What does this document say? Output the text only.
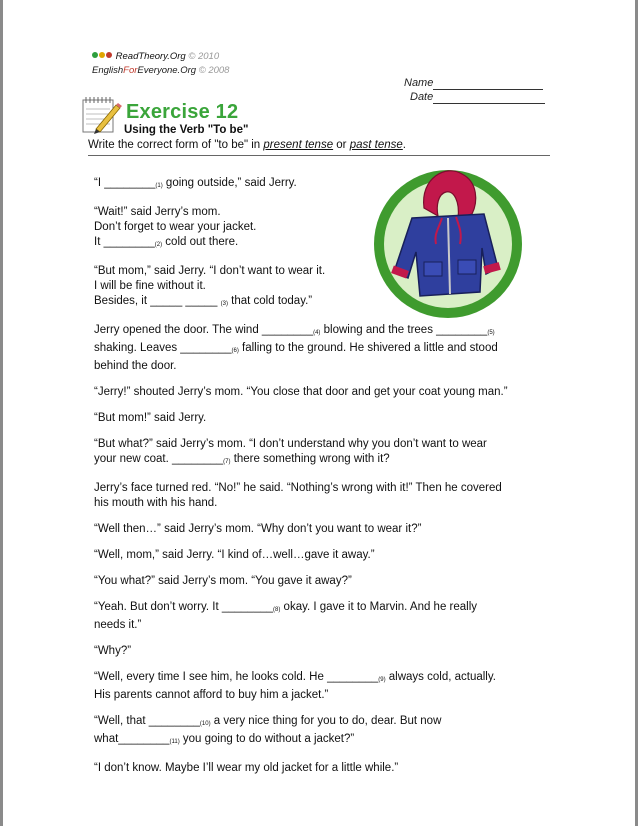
ReadTheory.Org © 2010
EnglishForEveryone.Org © 2008
Name
Date
Exercise 12
Using the Verb "To be"
Write the correct form of "to be" in present tense or past tense.

“I ________(1) going outside,” said Jerry.

“Wait!” said Jerry’s mom.
Don’t forget to wear your jacket.
It ________(2) cold out there.

“But mom,” said Jerry. “I don’t want to wear it.
I will be fine without it.
Besides, it _____ _____ (3) that cold today.”

Jerry opened the door. The wind ________(4) blowing and the trees ________(5)
shaking. Leaves ________(6) falling to the ground. He shivered a little and stood
behind the door.

“Jerry!” shouted Jerry’s mom. “You close that door and get your coat young man.”

“But mom!” said Jerry.

“But what?” said Jerry’s mom. “I don’t understand why you don’t want to wear
your new coat. ________(7) there something wrong with it?

Jerry’s face turned red. “No!” he said. “Nothing’s wrong with it!” Then he covered
his mouth with his hand.

“Well then…” said Jerry’s mom. “Why don’t you want to wear it?”

“Well, mom,” said Jerry. “I kind of…well…gave it away.”

“You what?” said Jerry’s mom. “You gave it away?”

“Yeah. But don’t worry. It ________(8) okay. I gave it to Marvin. And he really
needs it.”

“Why?”

“Well, every time I see him, he looks cold. He ________(9) always cold, actually.
His parents cannot afford to buy him a jacket.”

“Well, that ________(10) a very nice thing for you to do, dear. But now
what________(11) you going to do without a jacket?”

“I don’t know. Maybe I’ll wear my old jacket for a little while.”
